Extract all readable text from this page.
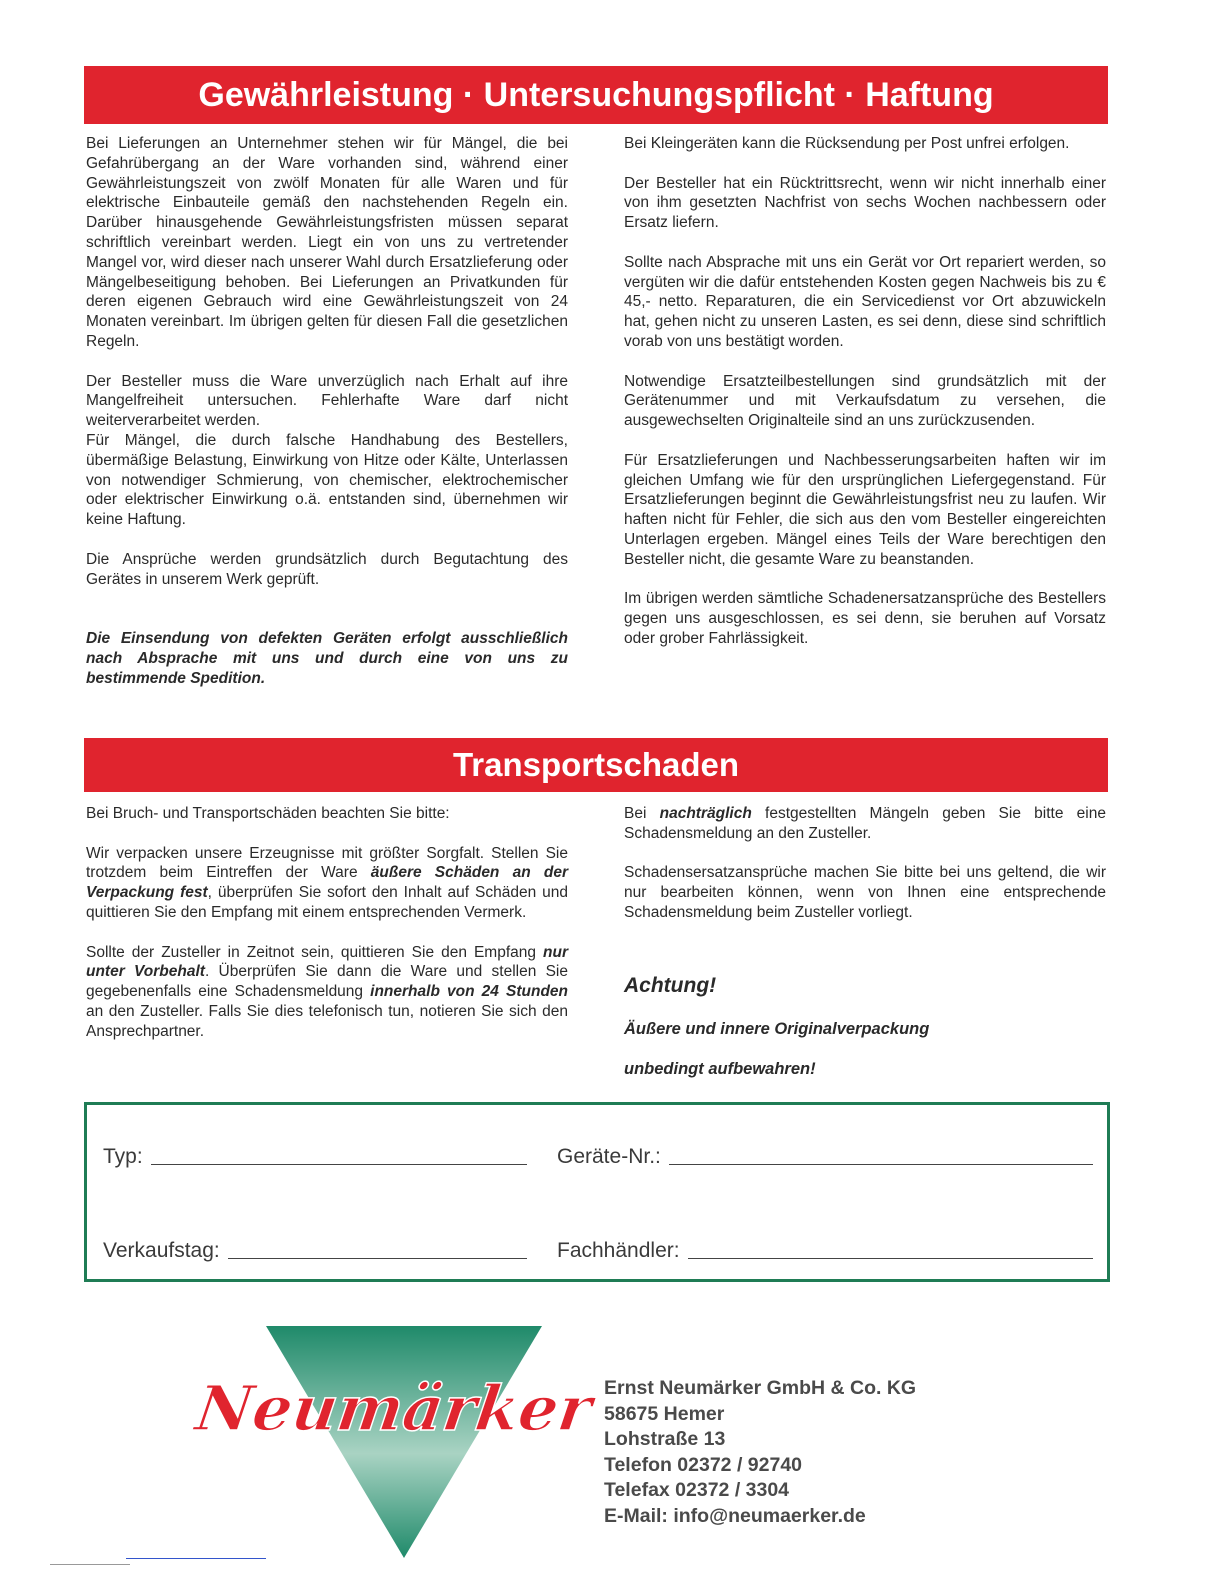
Gewährleistung · Untersuchungspflicht · Haftung

Bei Lieferungen an Unternehmer stehen wir für Mängel, die bei Gefahrübergang an der Ware vorhanden sind, während einer Gewährleistungszeit von zwölf Monaten für alle Waren und für elektrische Einbauteile gemäß den nachstehenden Regeln ein. Darüber hinausgehende Gewährleistungsfristen müssen separat schriftlich vereinbart werden. Liegt ein von uns zu vertretender Mangel vor, wird dieser nach unserer Wahl durch Ersatzlieferung oder Mängelbeseitigung behoben. Bei Lieferungen an Privatkunden für deren eigenen Gebrauch wird eine Gewährleistungszeit von 24 Monaten vereinbart. Im übrigen gelten für diesen Fall die gesetzlichen Regeln.

Der Besteller muss die Ware unverzüglich nach Erhalt auf ihre Mangelfreiheit untersuchen. Fehlerhafte Ware darf nicht weiterverarbeitet werden.

Für Mängel, die durch falsche Handhabung des Bestellers, übermäßige Belastung, Einwirkung von Hitze oder Kälte, Unterlassen von notwendiger Schmierung, von chemischer, elektrochemischer oder elektrischer Einwirkung o.ä. entstanden sind, übernehmen wir keine Haftung.

Die Ansprüche werden grundsätzlich durch Begutachtung des Gerätes in unserem Werk geprüft.

Die Einsendung von defekten Geräten erfolgt ausschließlich nach Absprache mit uns und durch eine von uns zu bestimmende Spedition.

Bei Kleingeräten kann die Rücksendung per Post unfrei erfolgen.

Der Besteller hat ein Rücktrittsrecht, wenn wir nicht innerhalb einer von ihm gesetzten Nachfrist von sechs Wochen nachbessern oder Ersatz liefern.

Sollte nach Absprache mit uns ein Gerät vor Ort repariert werden, so vergüten wir die dafür entstehenden Kosten gegen Nachweis bis zu € 45,- netto. Reparaturen, die ein Servicedienst vor Ort abzuwickeln hat, gehen nicht zu unseren Lasten, es sei denn, diese sind schriftlich vorab von uns bestätigt worden.

Notwendige Ersatzteilbestellungen sind grundsätzlich mit der Gerätenummer und mit Verkaufsdatum zu versehen, die ausgewechselten Originalteile sind an uns zurückzusenden.

Für Ersatzlieferungen und Nachbesserungsarbeiten haften wir im gleichen Umfang wie für den ursprünglichen Liefergegenstand. Für Ersatzlieferungen beginnt die Gewährleistungsfrist neu zu laufen. Wir haften nicht für Fehler, die sich aus den vom Besteller eingereichten Unterlagen ergeben. Mängel eines Teils der Ware berechtigen den Besteller nicht, die gesamte Ware zu beanstanden.

Im übrigen werden sämtliche Schadenersatzansprüche des Bestellers gegen uns ausgeschlossen, es sei denn, sie beruhen auf Vorsatz oder grober Fahrlässigkeit.

Transportschaden

Bei Bruch- und Transportschäden beachten Sie bitte:

Wir verpacken unsere Erzeugnisse mit größter Sorgfalt. Stellen Sie trotzdem beim Eintreffen der Ware äußere Schäden an der Verpackung fest, überprüfen Sie sofort den Inhalt auf Schäden und quittieren Sie den Empfang mit einem entsprechenden Vermerk.

Sollte der Zusteller in Zeitnot sein, quittieren Sie den Empfang nur unter Vorbehalt. Überprüfen Sie dann die Ware und stellen Sie gegebenenfalls eine Schadensmeldung innerhalb von 24 Stunden an den Zusteller. Falls Sie dies telefonisch tun, notieren Sie sich den Ansprechpartner.

Bei nachträglich festgestellten Mängeln geben Sie bitte eine Schadensmeldung an den Zusteller.

Schadensersatzansprüche machen Sie bitte bei uns geltend, die wir nur bearbeiten können, wenn von Ihnen eine entsprechende Schadensmeldung beim Zusteller vorliegt.

Achtung!

Äußere und innere Originalverpackung

unbedingt aufbewahren!

Typ:	Geräte-Nr.:
Verkaufstag:	Fachhändler:
Neumärker Ernst Neumärker GmbH & Co. KG
58675 Hemer
Lohstraße 13
Telefon 02372 / 92740
Telefax 02372 / 3304
E-Mail: info@neumaerker.de
